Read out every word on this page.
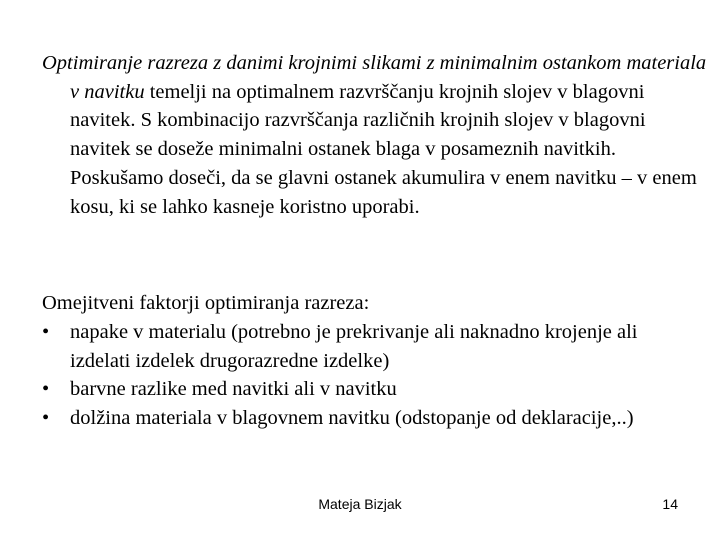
Optimiranje razreza z danimi krojnimi slikami z minimalnim ostankom materiala v navitku temelji na optimalnem razvrščanju krojnih slojev v blagovni navitek. S kombinacijo razvrščanja različnih krojnih slojev v blagovni navitek se doseže minimalni ostanek blaga v posameznih navitkih. Poskušamo doseči, da se glavni ostanek akumulira v enem navitku – v enem kosu, ki se lahko kasneje koristno uporabi.

Omejitveni faktorji optimiranja razreza:
• napake v materialu (potrebno je prekrivanje ali naknadno krojenje ali izdelati izdelek drugorazredne izdelke)
• barvne razlike med navitki ali v navitku
• dolžina materiala v blagovnem navitku (odstopanje od deklaracije,..)
Mateja Bizjak	14
